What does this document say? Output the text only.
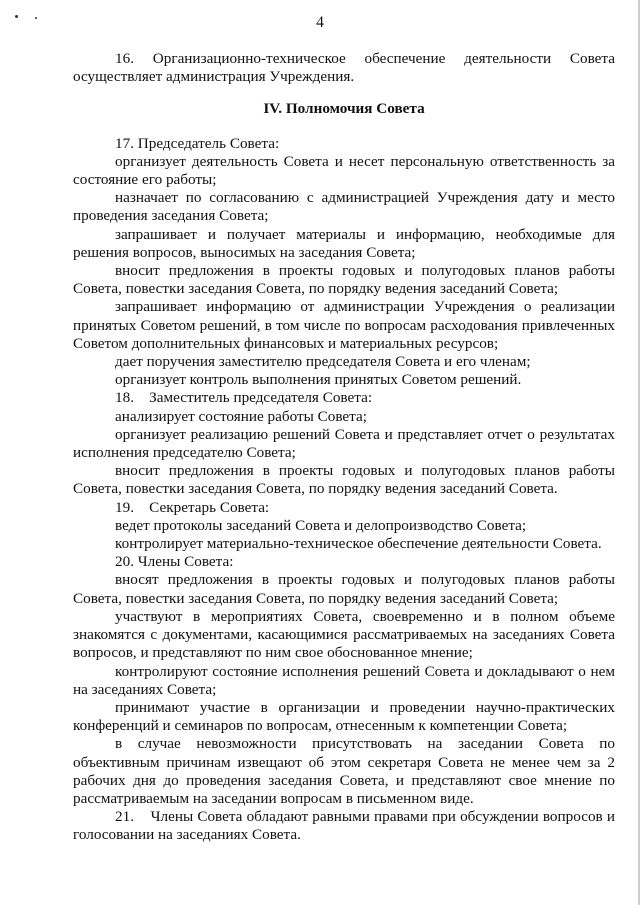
4

16. Организационно-техническое обеспечение деятельности Совета осуществляет администрация Учреждения.

IV. Полномочия Совета

17. Председатель Совета:

организует деятельность Совета и несет персональную ответственность за состояние его работы;

назначает по согласованию с администрацией Учреждения дату и место проведения заседания Совета;

запрашивает и получает материалы и информацию, необходимые для решения вопросов, выносимых на заседания Совета;

вносит предложения в проекты годовых и полугодовых планов работы Совета, повестки заседания Совета, по порядку ведения заседаний Совета;

запрашивает информацию от администрации Учреждения о реализации принятых Советом решений, в том числе по вопросам расходования привлеченных Советом дополнительных финансовых и материальных ресурсов;

дает поручения заместителю председателя Совета и его членам;

организует контроль выполнения принятых Советом решений.

18.    Заместитель председателя Совета:

анализирует состояние работы Совета;

организует реализацию решений Совета и представляет отчет о результатах исполнения председателю Совета;

вносит предложения в проекты годовых и полугодовых планов работы Совета, повестки заседания Совета, по порядку ведения заседаний Совета.

19.    Секретарь Совета:

ведет протоколы заседаний Совета и делопроизводство Совета;

контролирует материально-техническое обеспечение деятельности Совета.

20. Члены Совета:

вносят предложения в проекты годовых и полугодовых планов работы Совета, повестки заседания Совета, по порядку ведения заседаний Совета;

участвуют в мероприятиях Совета, своевременно и в полном объеме знакомятся с документами, касающимися рассматриваемых на заседаниях Совета вопросов, и представляют по ним свое обоснованное мнение;

контролируют состояние исполнения решений Совета и докладывают о нем на заседаниях Совета;

принимают участие в организации и проведении научно-практических конференций и семинаров по вопросам, отнесенным к компетенции Совета;

в случае невозможности присутствовать на заседании Совета по объективным причинам извещают об этом секретаря Совета не менее чем за 2 рабочих дня до проведения заседания Совета, и представляют свое мнение по рассматриваемым на заседании вопросам в письменном виде.

21.    Члены Совета обладают равными правами при обсуждении вопросов и голосовании на заседаниях Совета.
